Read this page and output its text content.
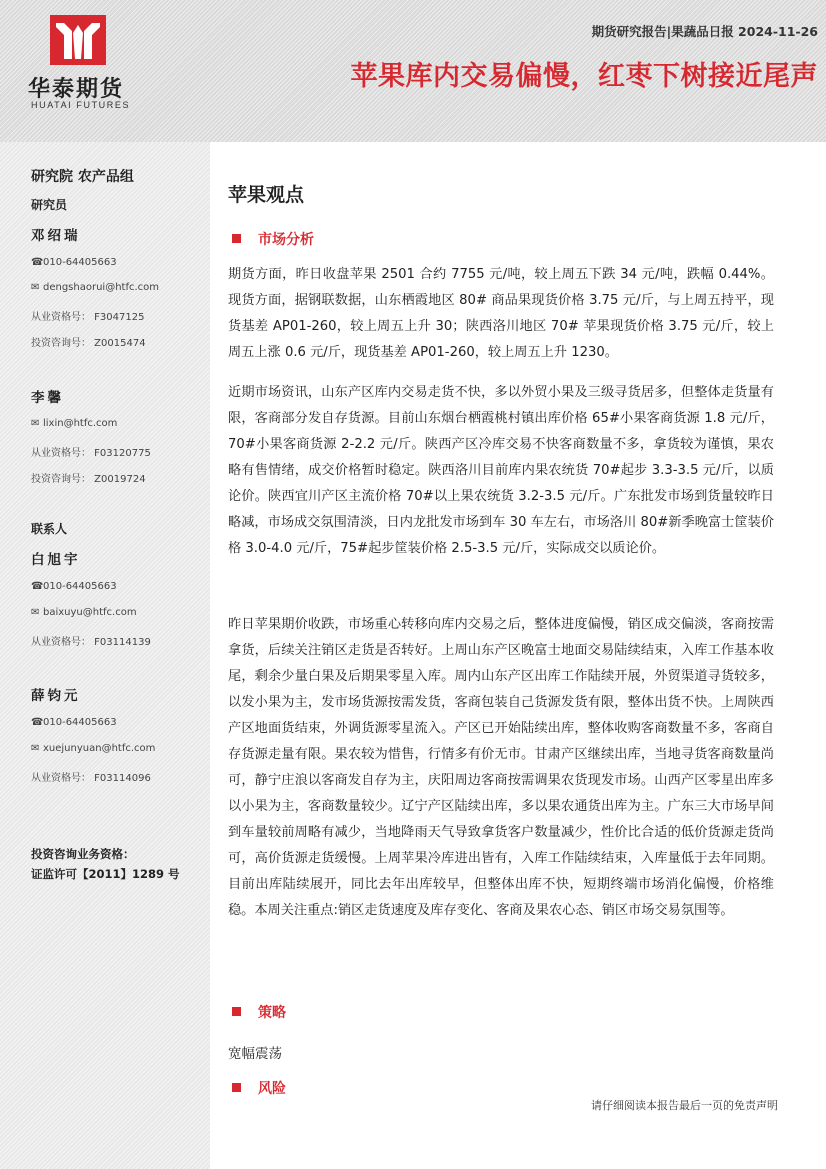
华泰期货
HUATAI FUTURES
期货研究报告|果蔬品日报 2024-11-26
苹果库内交易偏慢，红枣下树接近尾声
研究院 农产品组
研究员
邓绍瑞
☎010-64405663
✉ dengshaorui@htfc.com
从业资格号： F3047125
投资咨询号： Z0015474
李馨
✉ lixin@htfc.com
从业资格号： F03120775
投资咨询号： Z0019724
联系人
白旭宇
☎010-64405663
✉ baixuyu@htfc.com
从业资格号： F03114139
薛钧元
☎010-64405663
✉ xuejunyuan@htfc.com
从业资格号： F03114096
投资咨询业务资格：
证监许可【2011】1289 号
苹果观点
市场分析

期货方面，昨日收盘苹果 2501 合约 7755 元/吨，较上周五下跌 34 元/吨，跌幅 0.44%。现货方面，据钢联数据，山东栖霞地区 80# 商品果现货价格 3.75 元/斤，与上周五持平，现货基差 AP01-260，较上周五上升 30；陕西洛川地区 70# 苹果现货价格 3.75 元/斤，较上周五上涨 0.6 元/斤，现货基差 AP01-260，较上周五上升 1230。

近期市场资讯，山东产区库内交易走货不快，多以外贸小果及三级寻货居多，但整体走货量有限，客商部分发自存货源。目前山东烟台栖霞桃村镇出库价格 65#小果客商货源 1.8 元/斤，70#小果客商货源 2-2.2 元/斤。陕西产区冷库交易不快客商数量不多，拿货较为谨慎，果农略有售情绪，成交价格暂时稳定。陕西洛川目前库内果农统货 70#起步 3.3-3.5 元/斤，以质论价。陕西宜川产区主流价格 70#以上果农统货 3.2-3.5 元/斤。广东批发市场到货量较昨日略减，市场成交氛围清淡，日内龙批发市场到车 30 车左右，市场洛川 80#新季晚富士筐装价格 3.0-4.0 元/斤，75#起步筐装价格 2.5-3.5 元/斤，实际成交以质论价。

昨日苹果期价收跌，市场重心转移向库内交易之后，整体进度偏慢，销区成交偏淡，客商按需拿货，后续关注销区走货是否转好。上周山东产区晚富士地面交易陆续结束，入库工作基本收尾，剩余少量白果及后期果零星入库。周内山东产区出库工作陆续开展，外贸渠道寻货较多，以发小果为主，发市场货源按需发货，客商包装自己货源发货有限，整体出货不快。上周陕西产区地面货结束，外调货源零星流入。产区已开始陆续出库，整体收购客商数量不多，客商自存货源走量有限。果农较为惜售，行情多有价无市。甘肃产区继续出库，当地寻货客商数量尚可，静宁庄浪以客商发自存为主，庆阳周边客商按需调果农货现发市场。山西产区零星出库多以小果为主，客商数量较少。辽宁产区陆续出库，多以果农通货出库为主。广东三大市场早间到车量较前周略有减少，当地降雨天气导致拿货客户数量减少，性价比合适的低价货源走货尚可，高价货源走货缓慢。上周苹果冷库进出皆有，入库工作陆续结束，入库量低于去年同期。目前出库陆续展开，同比去年出库较早，但整体出库不快，短期终端市场消化偏慢，价格维稳。本周关注重点:销区走货速度及库存变化、客商及果农心态、销区市场交易氛围等。

策略
宽幅震荡
风险
请仔细阅读本报告最后一页的免责声明
